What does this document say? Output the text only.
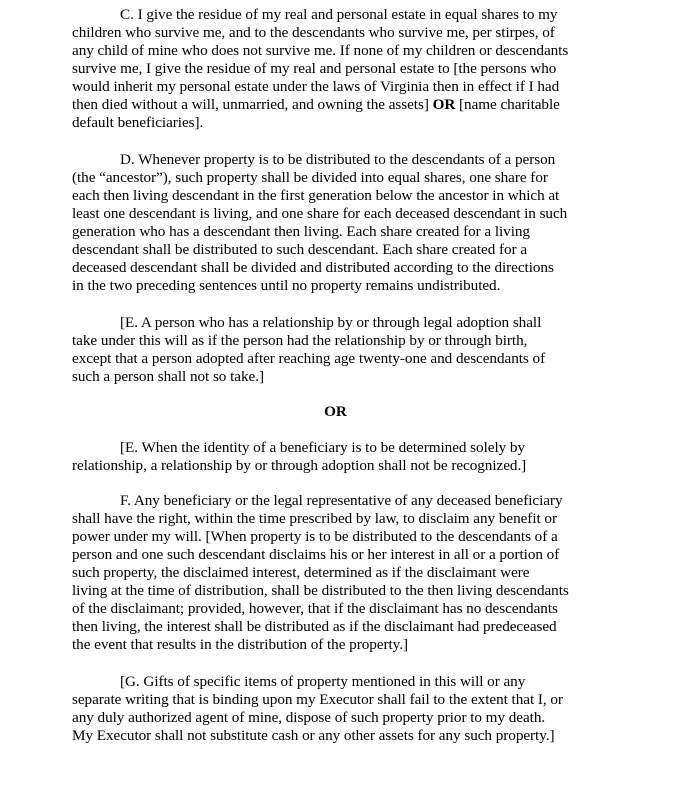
C. I give the residue of my real and personal estate in equal shares to my
children who survive me, and to the descendants who survive me, per stirpes, of
any child of mine who does not survive me. If none of my children or descendants
survive me, I give the residue of my real and personal estate to [the persons who
would inherit my personal estate under the laws of Virginia then in effect if I had
then died without a will, unmarried, and owning the assets] OR [name charitable
default beneficiaries].
D. Whenever property is to be distributed to the descendants of a person
(the “ancestor”), such property shall be divided into equal shares, one share for
each then living descendant in the first generation below the ancestor in which at
least one descendant is living, and one share for each deceased descendant in such
generation who has a descendant then living. Each share created for a living
descendant shall be distributed to such descendant. Each share created for a
deceased descendant shall be divided and distributed according to the directions
in the two preceding sentences until no property remains undistributed.
[E. A person who has a relationship by or through legal adoption shall
take under this will as if the person had the relationship by or through birth,
except that a person adopted after reaching age twenty-one and descendants of
such a person shall not so take.]
OR
[E. When the identity of a beneficiary is to be determined solely by
relationship, a relationship by or through adoption shall not be recognized.]
F. Any beneficiary or the legal representative of any deceased beneficiary
shall have the right, within the time prescribed by law, to disclaim any benefit or
power under my will. [When property is to be distributed to the descendants of a
person and one such descendant disclaims his or her interest in all or a portion of
such property, the disclaimed interest, determined as if the disclaimant were
living at the time of distribution, shall be distributed to the then living descendants
of the disclaimant; provided, however, that if the disclaimant has no descendants
then living, the interest shall be distributed as if the disclaimant had predeceased
the event that results in the distribution of the property.]
[G. Gifts of specific items of property mentioned in this will or any
separate writing that is binding upon my Executor shall fail to the extent that I, or
any duly authorized agent of mine, dispose of such property prior to my death.
My Executor shall not substitute cash or any other assets for any such property.]
